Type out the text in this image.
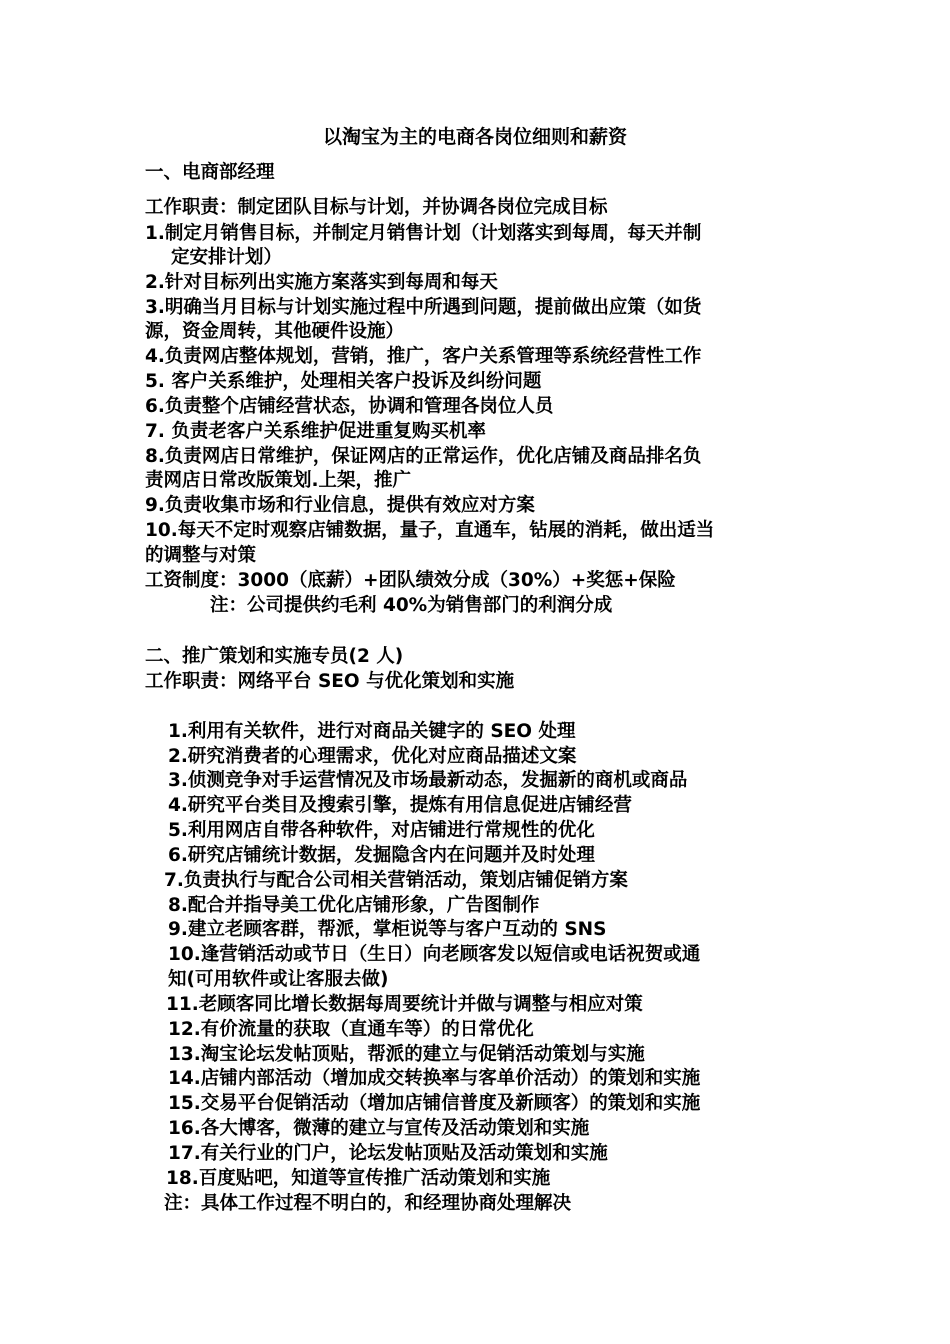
以淘宝为主的电商各岗位细则和薪资
一、电商部经理
工作职责：制定团队目标与计划，并协调各岗位完成目标
1.制定月销售目标，并制定月销售计划（计划落实到每周，每天并制
定安排计划）
2.针对目标列出实施方案落实到每周和每天
3.明确当月目标与计划实施过程中所遇到问题，提前做出应策（如货
源，资金周转，其他硬件设施）
4.负责网店整体规划，营销，推广，客户关系管理等系统经营性工作
5. 客户关系维护，处理相关客户投诉及纠纷问题
6.负责整个店铺经营状态，协调和管理各岗位人员
7. 负责老客户关系维护促进重复购买机率
8.负责网店日常维护，保证网店的正常运作，优化店铺及商品排名负
责网店日常改版策划.上架，推广
9.负责收集市场和行业信息，提供有效应对方案
10.每天不定时观察店铺数据，量子，直通车，钻展的消耗，做出适当
的调整与对策
工资制度：3000（底薪）+团队绩效分成（30%）+奖惩+保险
注：公司提供约毛利 40%为销售部门的利润分成
二、推广策划和实施专员(2 人)
工作职责：网络平台 SEO 与优化策划和实施
1.利用有关软件，进行对商品关键字的 SEO 处理
2.研究消费者的心理需求，优化对应商品描述文案
3.侦测竞争对手运营情况及市场最新动态，发掘新的商机或商品
4.研究平台类目及搜索引擎，提炼有用信息促进店铺经营
5.利用网店自带各种软件，对店铺进行常规性的优化
6.研究店铺统计数据，发掘隐含内在问题并及时处理
7.负责执行与配合公司相关营销活动，策划店铺促销方案
8.配合并指导美工优化店铺形象，广告图制作
9.建立老顾客群，帮派，掌柜说等与客户互动的 SNS
10.逢营销活动或节日（生日）向老顾客发以短信或电话祝贺或通
知(可用软件或让客服去做)
11.老顾客同比增长数据每周要统计并做与调整与相应对策
12.有价流量的获取（直通车等）的日常优化
13.淘宝论坛发帖顶贴，帮派的建立与促销活动策划与实施
14.店铺内部活动（增加成交转换率与客单价活动）的策划和实施
15.交易平台促销活动（增加店铺信普度及新顾客）的策划和实施
16.各大博客，微薄的建立与宣传及活动策划和实施
17.有关行业的门户，论坛发帖顶贴及活动策划和实施
18.百度贴吧，知道等宣传推广活动策划和实施
注：具体工作过程不明白的，和经理协商处理解决
